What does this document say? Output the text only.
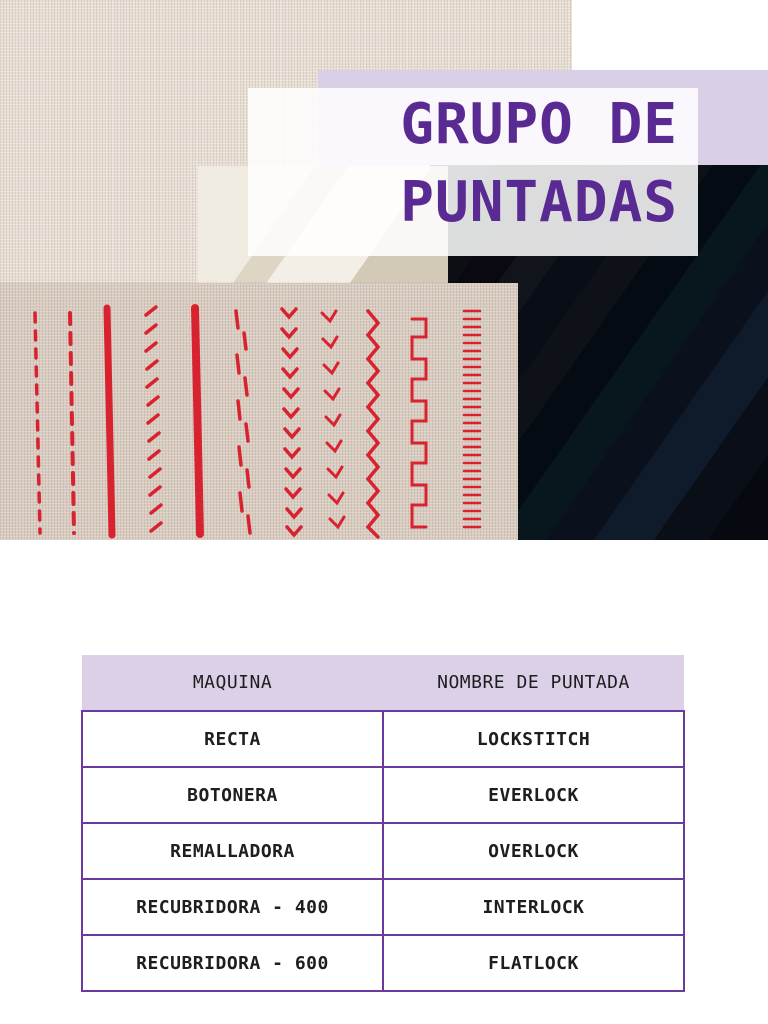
GRUPO DE
PUNTADAS
MAQUINA	NOMBRE DE PUNTADA
RECTA	LOCKSTITCH
BOTONERA	EVERLOCK
REMALLADORA	OVERLOCK
RECUBRIDORA - 400	INTERLOCK
RECUBRIDORA - 600	FLATLOCK
